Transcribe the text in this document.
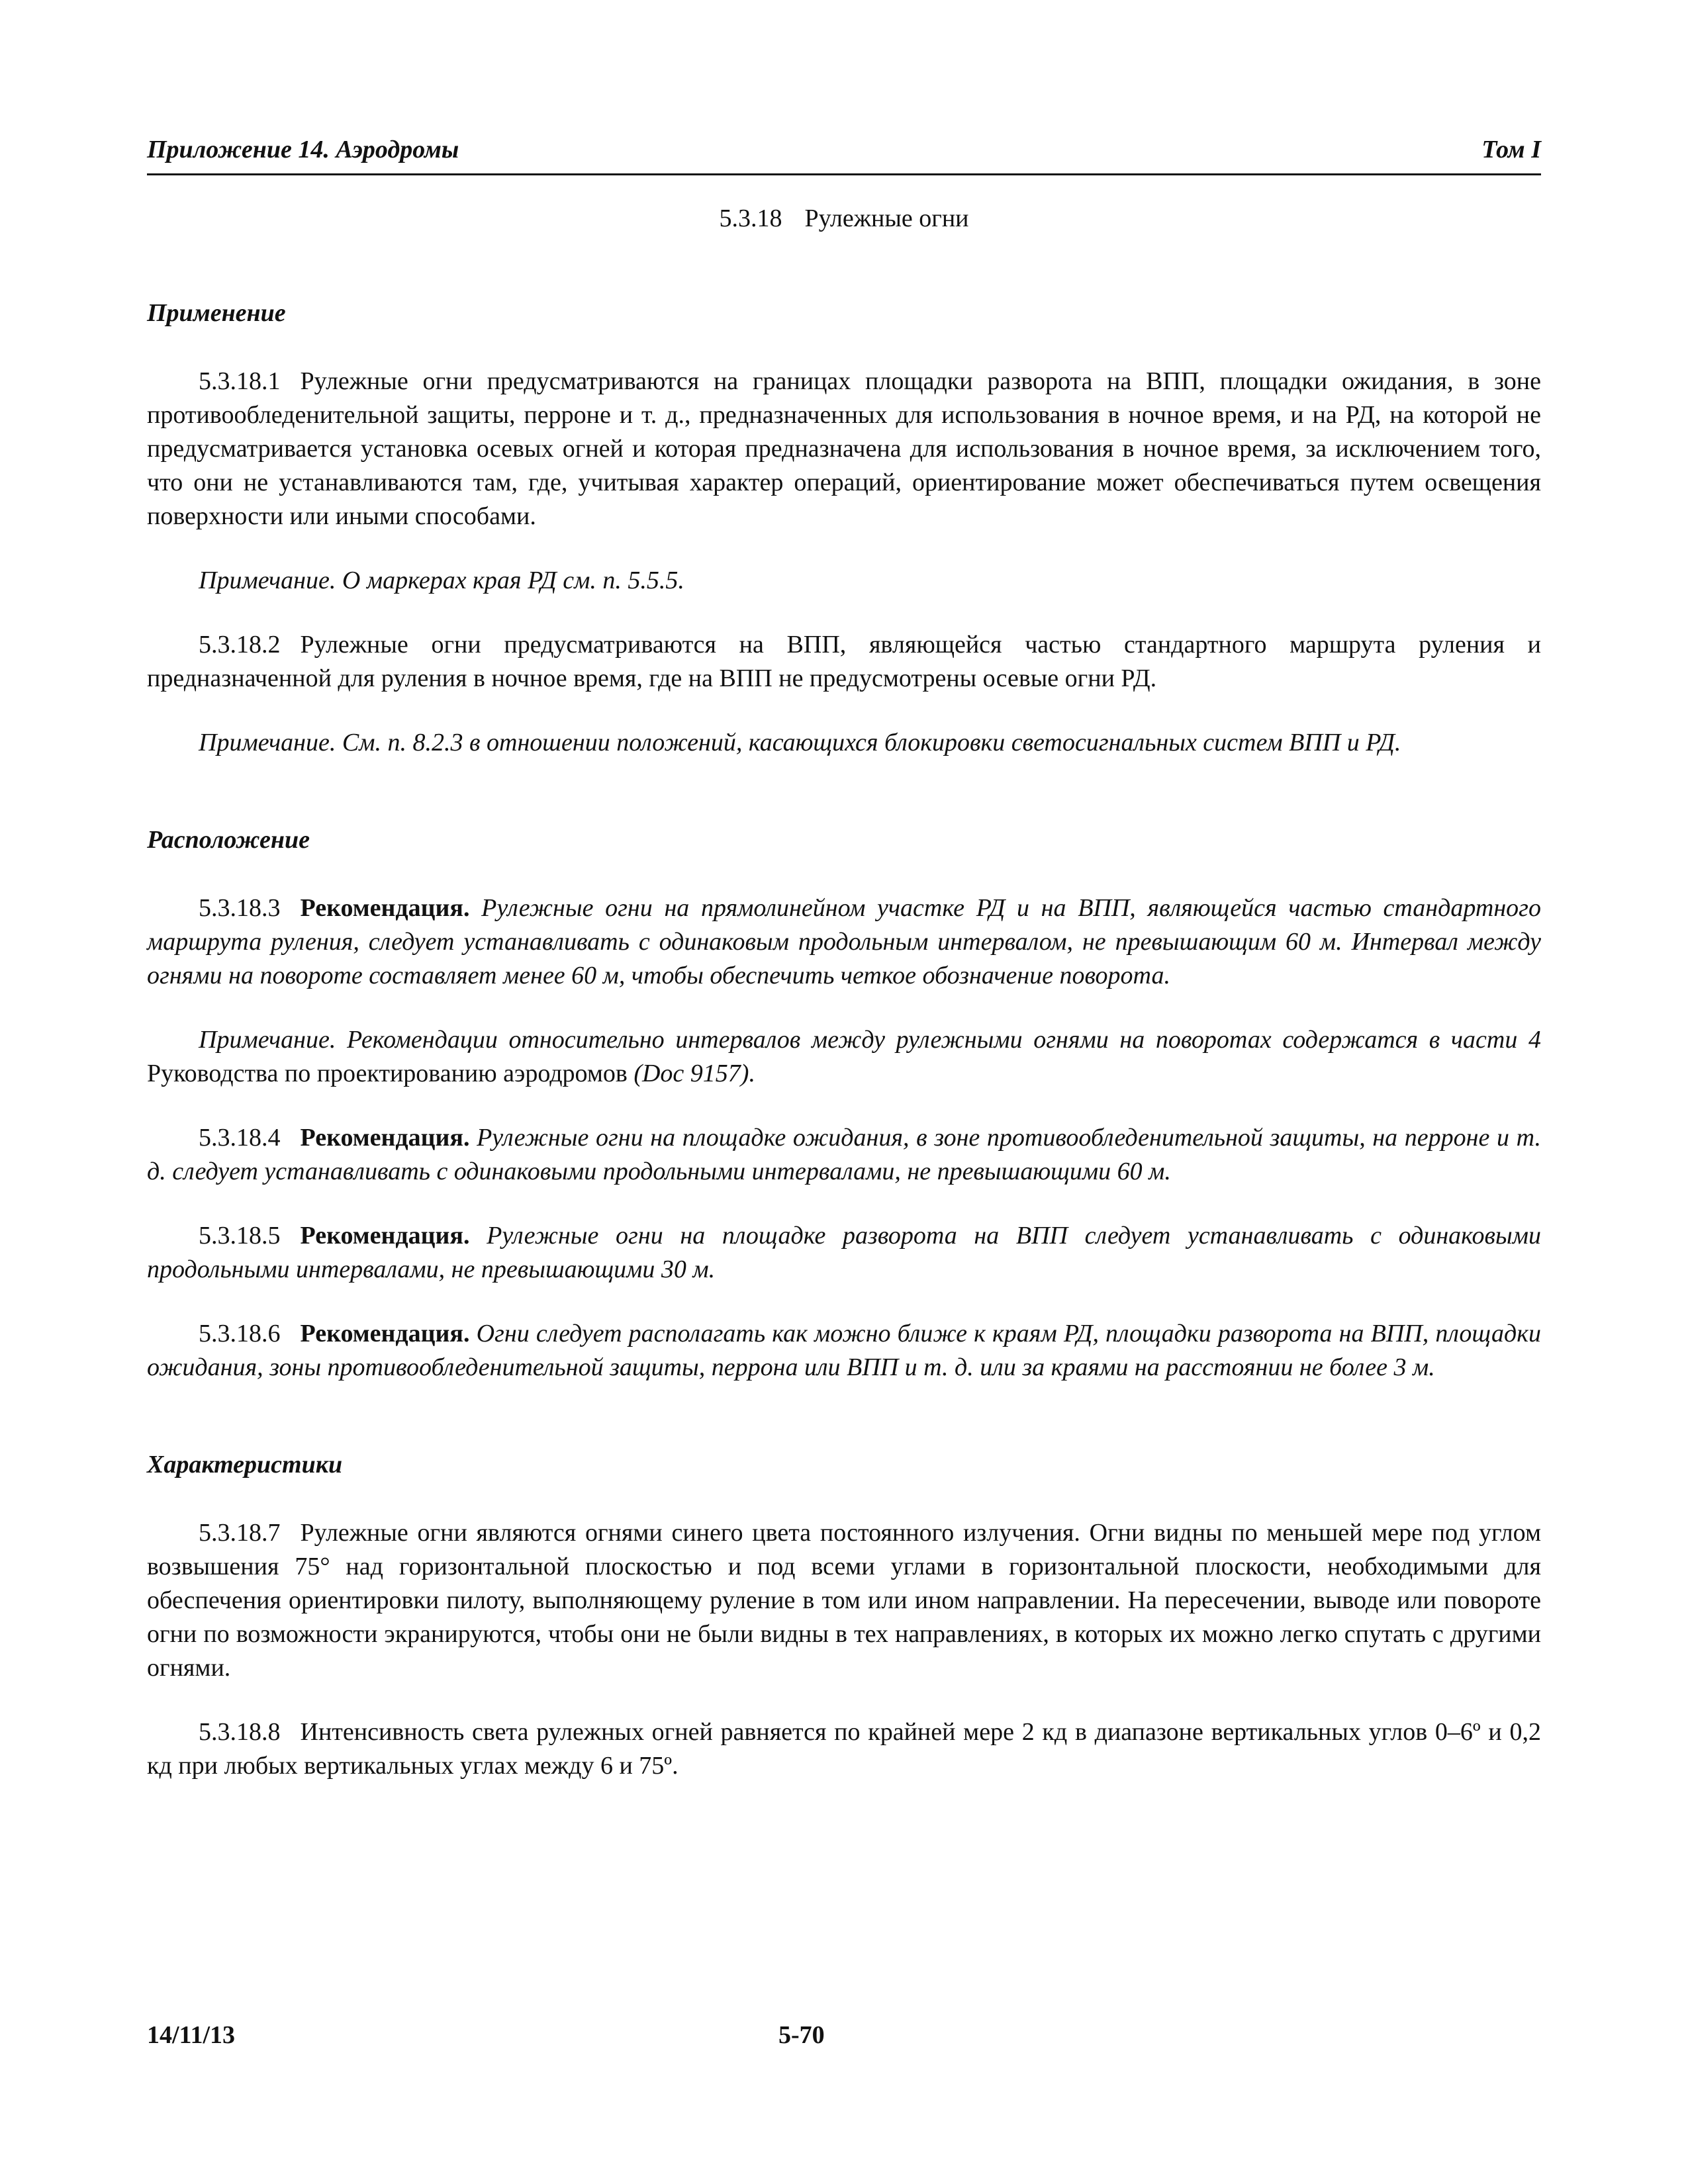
Приложение 14. Аэродромы	Том I
5.3.18 Рулежные огни

Применение

5.3.18.1 Рулежные огни предусматриваются на границах площадки разворота на ВПП, площадки ожидания, в зоне противообледенительной защиты, перроне и т. д., предназначенных для использования в ночное время, и на РД, на которой не предусматривается установка осевых огней и которая предназначена для использования в ночное время, за исключением того, что они не устанавливаются там, где, учитывая характер операций, ориентирование может обеспечиваться путем освещения поверхности или иными способами.

Примечание. О маркерах края РД см. п. 5.5.5.

5.3.18.2 Рулежные огни предусматриваются на ВПП, являющейся частью стандартного маршрута руления и предназначенной для руления в ночное время, где на ВПП не предусмотрены осевые огни РД.

Примечание. См. п. 8.2.3 в отношении положений, касающихся блокировки светосигнальных систем ВПП и РД.

Расположение

5.3.18.3 Рекомендация. Рулежные огни на прямолинейном участке РД и на ВПП, являющейся частью стандартного маршрута руления, следует устанавливать с одинаковым продольным интервалом, не превышающим 60 м. Интервал между огнями на повороте составляет менее 60 м, чтобы обеспечить четкое обозначение поворота.

Примечание. Рекомендации относительно интервалов между рулежными огнями на поворотах содержатся в части 4 Руководства по проектированию аэродромов (Doc 9157).

5.3.18.4 Рекомендация. Рулежные огни на площадке ожидания, в зоне противообледенительной защиты, на перроне и т. д. следует устанавливать с одинаковыми продольными интервалами, не превышающими 60 м.

5.3.18.5 Рекомендация. Рулежные огни на площадке разворота на ВПП следует устанавливать с одинаковыми продольными интервалами, не превышающими 30 м.

5.3.18.6 Рекомендация. Огни следует располагать как можно ближе к краям РД, площадки разворота на ВПП, площадки ожидания, зоны противообледенительной защиты, перрона или ВПП и т. д. или за краями на расстоянии не более 3 м.

Характеристики

5.3.18.7 Рулежные огни являются огнями синего цвета постоянного излучения. Огни видны по меньшей мере под углом возвышения 75° над горизонтальной плоскостью и под всеми углами в горизонтальной плоскости, необходимыми для обеспечения ориентировки пилоту, выполняющему руление в том или ином направлении. На пересечении, выводе или повороте огни по возможности экранируются, чтобы они не были видны в тех направлениях, в которых их можно легко спутать с другими огнями.

5.3.18.8 Интенсивность света рулежных огней равняется по крайней мере 2 кд в диапазоне вертикальных углов 0–6º и 0,2 кд при любых вертикальных углах между 6 и 75º.

14/11/13	5-70
